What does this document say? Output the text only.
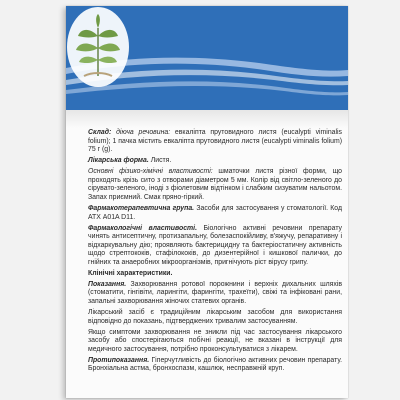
Склад: діюча речовина: евкаліпта прутовидного листя (eucalypti viminalis folium); 1 пачка містить евкаліпта прутовидного листя (eucalypti viminalis folium) 75 г (g).

Лікарська форма. Листя.

Основні фізико-хімічні властивості: шматочки листя різної форми, що проходять крізь сито з отворами діаметром 5 мм. Колір від світло-зеленого до сірувато-зеленого, іноді з фіолетовим відтінком і слабким сизуватим нальотом. Запах приємний. Смак пряно-гіркий.

Фармакотерапевтична група. Засоби для застосування у стоматології. Код АТХ A01A D11.

Фармакологічні властивості. Біологічно активні речовини препарату чинять антисептичну, протизапальну, болезаспокійливу, в'яжучу, репаративну і відхаркувальну дію; проявляють бактерицидну та бактеріостатичну активність щодо стрептококів, стафілококів, до дизентерійної і кишкової палички, до гнійних та анаеробних мікроорганізмів, пригнічують ріст вірусу грипу.

Клінічні характеристики.

Показання. Захворювання ротової порожнини і верхніх дихальних шляхів (стоматити, гінгівіти, ларингіти, фарингіти, трахеїти), свіжі та інфіковані рани, запальні захворювання жіночих статевих органів.

Лікарський засіб є традиційним лікарським засобом для використання відповідно до показань, підтверджених тривалим застосуванням.

Якщо симптоми захворювання не зникли під час застосування лікарського засобу або спостерігаються побічні реакції, не вказані в інструкції для медичного застосування, потрібно проконсультуватися з лікарем.

Протипоказання. Гіперчутливість до біологічно активних речовин препарату. Бронхіальна астма, бронхоспазм, кашлюк, несправжній круп.
